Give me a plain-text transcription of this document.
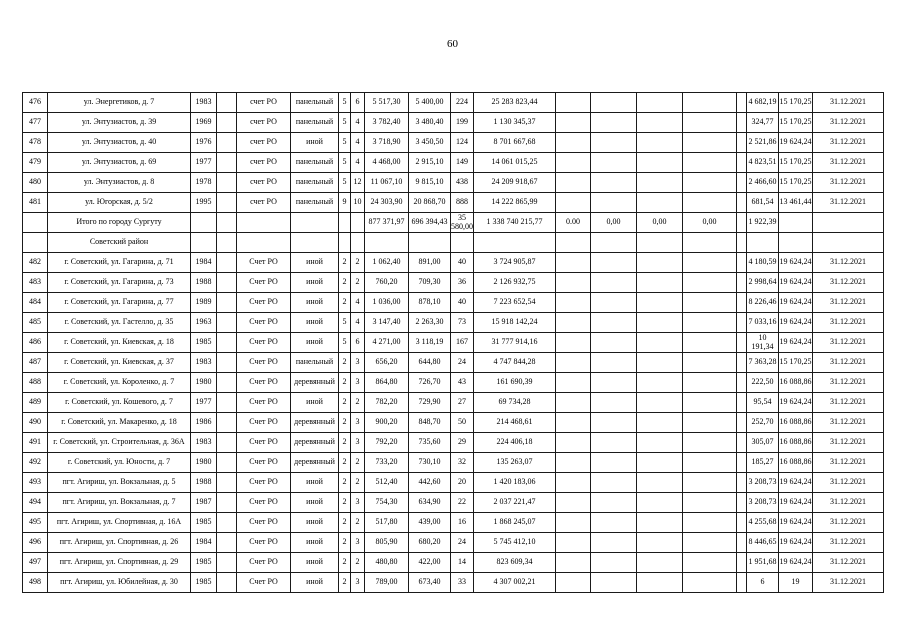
60
476	ул. Энергетиков, д. 7	1983		счет РО	панельный	5	6	5 517,30	5 400,00	224	25 283 823,44						4 682,19	15 170,25	31.12.2021
477	ул. Энтузиастов, д. 39	1969		счет РО	панельный	5	4	3 782,40	3 480,40	199	1 130 345,37						324,77	15 170,25	31.12.2021
478	ул. Энтузиастов, д. 40	1976		счет РО	иной	5	4	3 718,90	3 450,50	124	8 701 667,68						2 521,86	19 624,24	31.12.2021
479	ул. Энтузиастов, д. 69	1977		счет РО	панельный	5	4	4 468,00	2 915,10	149	14 061 015,25						4 823,51	15 170,25	31.12.2021
480	ул. Энтузиастов, д. 8	1978		счет РО	панельный	5	12	11 067,10	9 815,10	438	24 209 918,67						2 466,60	15 170,25	31.12.2021
481	ул. Югорская, д. 5/2	1995		счет РО	панельный	9	10	24 303,90	20 868,70	888	14 222 865,99						681,54	13 461,44	31.12.2021
	Итого по городу Сургуту							877 371,97	696 394,43	35 580,00	1 338 740 215,77	0.00	0,00	0,00	0,00		1 922,39		
	Советский район																		
482	г. Советский, ул. Гагарина, д. 71	1984		Счет РО	иной	2	2	1 062,40	891,00	40	3 724 905,87						4 180,59	19 624,24	31.12.2021
483	г. Советский, ул. Гагарина, д. 73	1988		Счет РО	иной	2	2	760,20	709,30	36	2 126 932,75						2 998,64	19 624,24	31.12.2021
484	г. Советский, ул. Гагарина, д. 77	1989		Счет РО	иной	2	4	1 036,00	878,10	40	7 223 652,54						8 226,46	19 624,24	31.12.2021
485	г. Советский, ул. Гастелло, д. 35	1963		Счет РО	иной	5	4	3 147,40	2 263,30	73	15 918 142,24						7 033,16	19 624,24	31.12.2021
486	г. Советский, ул. Киевская, д. 18	1985		Счет РО	иной	5	6	4 271,00	3 118,19	167	31 777 914,16						10 191,34	19 624,24	31.12.2021
487	г. Советский, ул. Киевская, д. 37	1983		Счет РО	панельный	2	3	656,20	644,80	24	4 747 844,28						7 363,28	15 170,25	31.12.2021
488	г. Советский, ул. Короленко, д. 7	1980		Счет РО	деревянный	2	3	864,80	726,70	43	161 690,39						222,50	16 088,86	31.12.2021
489	г. Советский, ул. Кошевого, д. 7	1977		Счет РО	иной	2	2	782,20	729,90	27	69 734,28						95,54	19 624,24	31.12.2021
490	г. Советский, ул. Макаренко, д. 18	1986		Счет РО	деревянный	2	3	900,20	848,70	50	214 468,61						252,70	16 088,86	31.12.2021
491	г. Советский, ул. Строительная, д. 36А	1983		Счет РО	деревянный	2	3	792,20	735,60	29	224 406,18						305,07	16 088,86	31.12.2021
492	г. Советский, ул. Юности, д. 7	1980		Счет РО	деревянный	2	2	733,20	730,10	32	135 263,07						185,27	16 088,86	31.12.2021
493	пгт. Агириш, ул. Вокзальная, д. 5	1988		Счет РО	иной	2	2	512,40	442,60	20	1 420 183,06						3 208,73	19 624,24	31.12.2021
494	пгт. Агириш, ул. Вокзальная, д. 7	1987		Счет РО	иной	2	3	754,30	634,90	22	2 037 221,47						3 208,73	19 624,24	31.12.2021
495	пгт. Агириш, ул. Спортивная, д. 16А	1985		Счет РО	иной	2	2	517,80	439,00	16	1 868 245,07						4 255,68	19 624,24	31.12.2021
496	пгт. Агириш, ул. Спортивная, д. 26	1984		Счет РО	иной	2	3	805,90	680,20	24	5 745 412,10						8 446,65	19 624,24	31.12.2021
497	пгт. Агириш, ул. Спортивная, д. 29	1985		Счет РО	иной	2	2	480,80	422,00	14	823 609,34						1 951,68	19 624,24	31.12.2021
498	пгт. Агириш, ул. Юбилейная, д. 30	1985		Счет РО	иной	2	3	789,00	673,40	33	4 307 002,21						6	19	31.12.2021
